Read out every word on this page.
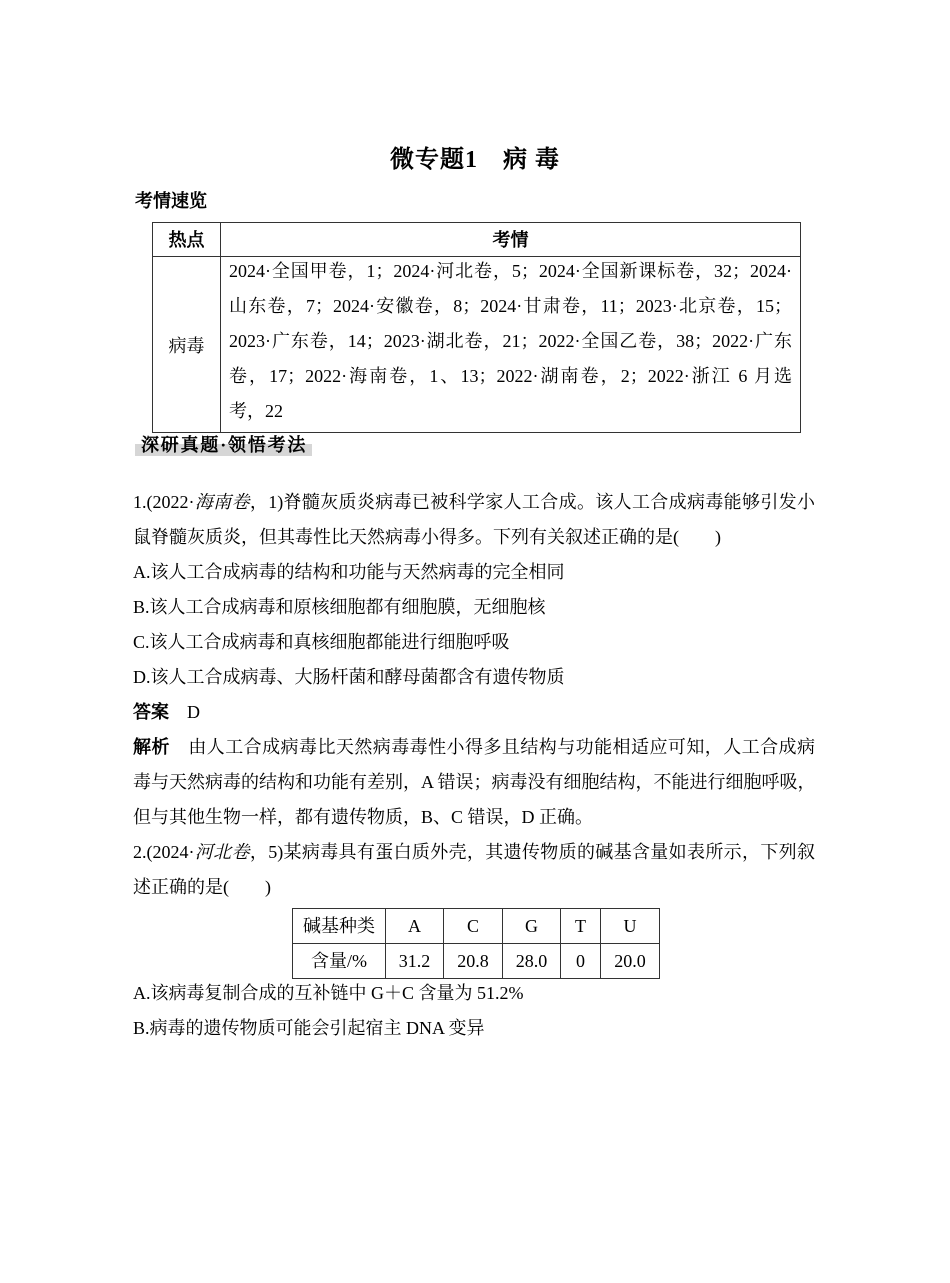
微专题1　病 毒
考情速览
热点	考情
病毒	2024·全国甲卷，1；2024·河北卷，5；2024·全国新课标卷，32；2024·
山东卷，7；2024·安徽卷，8；2024·甘肃卷，11；2023·北京卷，15；
2023·广东卷，14；2023·湖北卷，21；2022·全国乙卷，38；2022·广东
卷，17；2022·海南卷，1、13；2022·湖南卷，2；2022·浙江 6 月选
考，22
深研真题·领悟考法
1.(2022·海南卷，1)脊髓灰质炎病毒已被科学家人工合成。该人工合成病毒能够引发小
鼠脊髓灰质炎，但其毒性比天然病毒小得多。下列有关叙述正确的是(　　)
A.该人工合成病毒的结构和功能与天然病毒的完全相同
B.该人工合成病毒和原核细胞都有细胞膜，无细胞核
C.该人工合成病毒和真核细胞都能进行细胞呼吸
D.该人工合成病毒、大肠杆菌和酵母菌都含有遗传物质
答案 D
解析 由人工合成病毒比天然病毒毒性小得多且结构与功能相适应可知，人工合成病
毒与天然病毒的结构和功能有差别，A 错误；病毒没有细胞结构，不能进行细胞呼吸，
但与其他生物一样，都有遗传物质，B、C 错误，D 正确。
2.(2024·河北卷，5)某病毒具有蛋白质外壳，其遗传物质的碱基含量如表所示，下列叙
述正确的是(　　)
碱基种类	A	C	G	T	U
含量/%	31.2	20.8	28.0	0	20.0
A.该病毒复制合成的互补链中 G＋C 含量为 51.2%
B.病毒的遗传物质可能会引起宿主 DNA 变异
